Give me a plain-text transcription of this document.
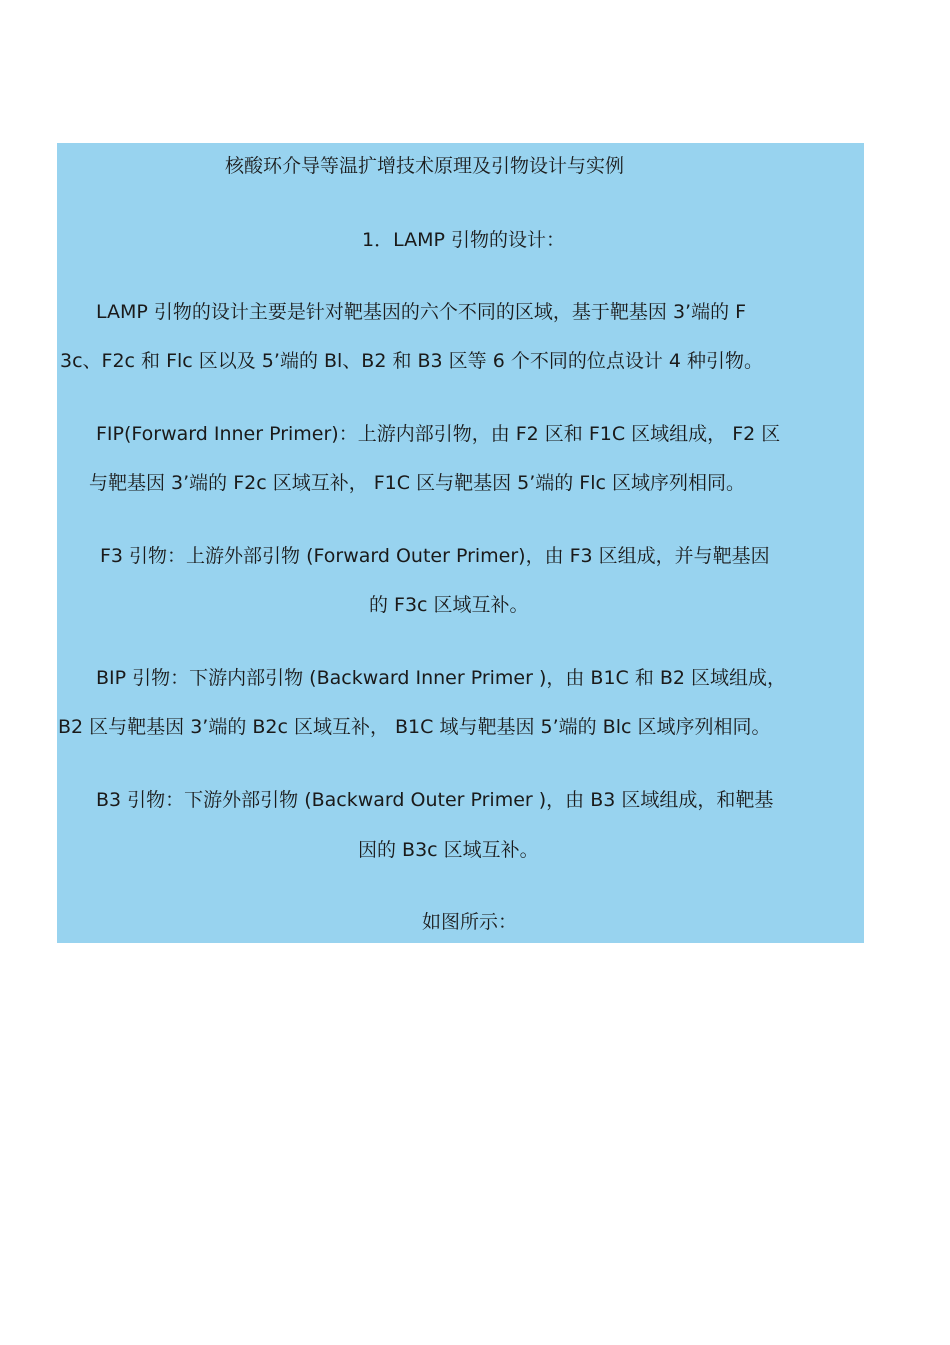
核酸环介导等温扩增技术原理及引物设计与实例
1．LAMP 引物的设计：
LAMP 引物的设计主要是针对靶基因的六个不同的区域，基于靶基因 3’端的 F
3c、F2c 和 Flc 区以及 5’端的 Bl、B2 和 B3 区等 6 个不同的位点设计 4 种引物。
FIP(Forward Inner Primer)：上游内部引物，由 F2 区和 F1C 区域组成， F2 区
与靶基因 3’端的 F2c 区域互补， F1C 区与靶基因 5’端的 Flc 区域序列相同。
F3 引物：上游外部引物 (Forward Outer Primer)，由 F3 区组成，并与靶基因
的 F3c 区域互补。
BIP 引物：下游内部引物 (Backward Inner Primer )，由 B1C 和 B2 区域组成，
B2 区与靶基因 3’端的 B2c 区域互补， B1C 域与靶基因 5’端的 Blc 区域序列相同。
B3 引物：下游外部引物 (Backward Outer Primer )，由 B3 区域组成，和靶基
因的 B3c 区域互补。
如图所示：
